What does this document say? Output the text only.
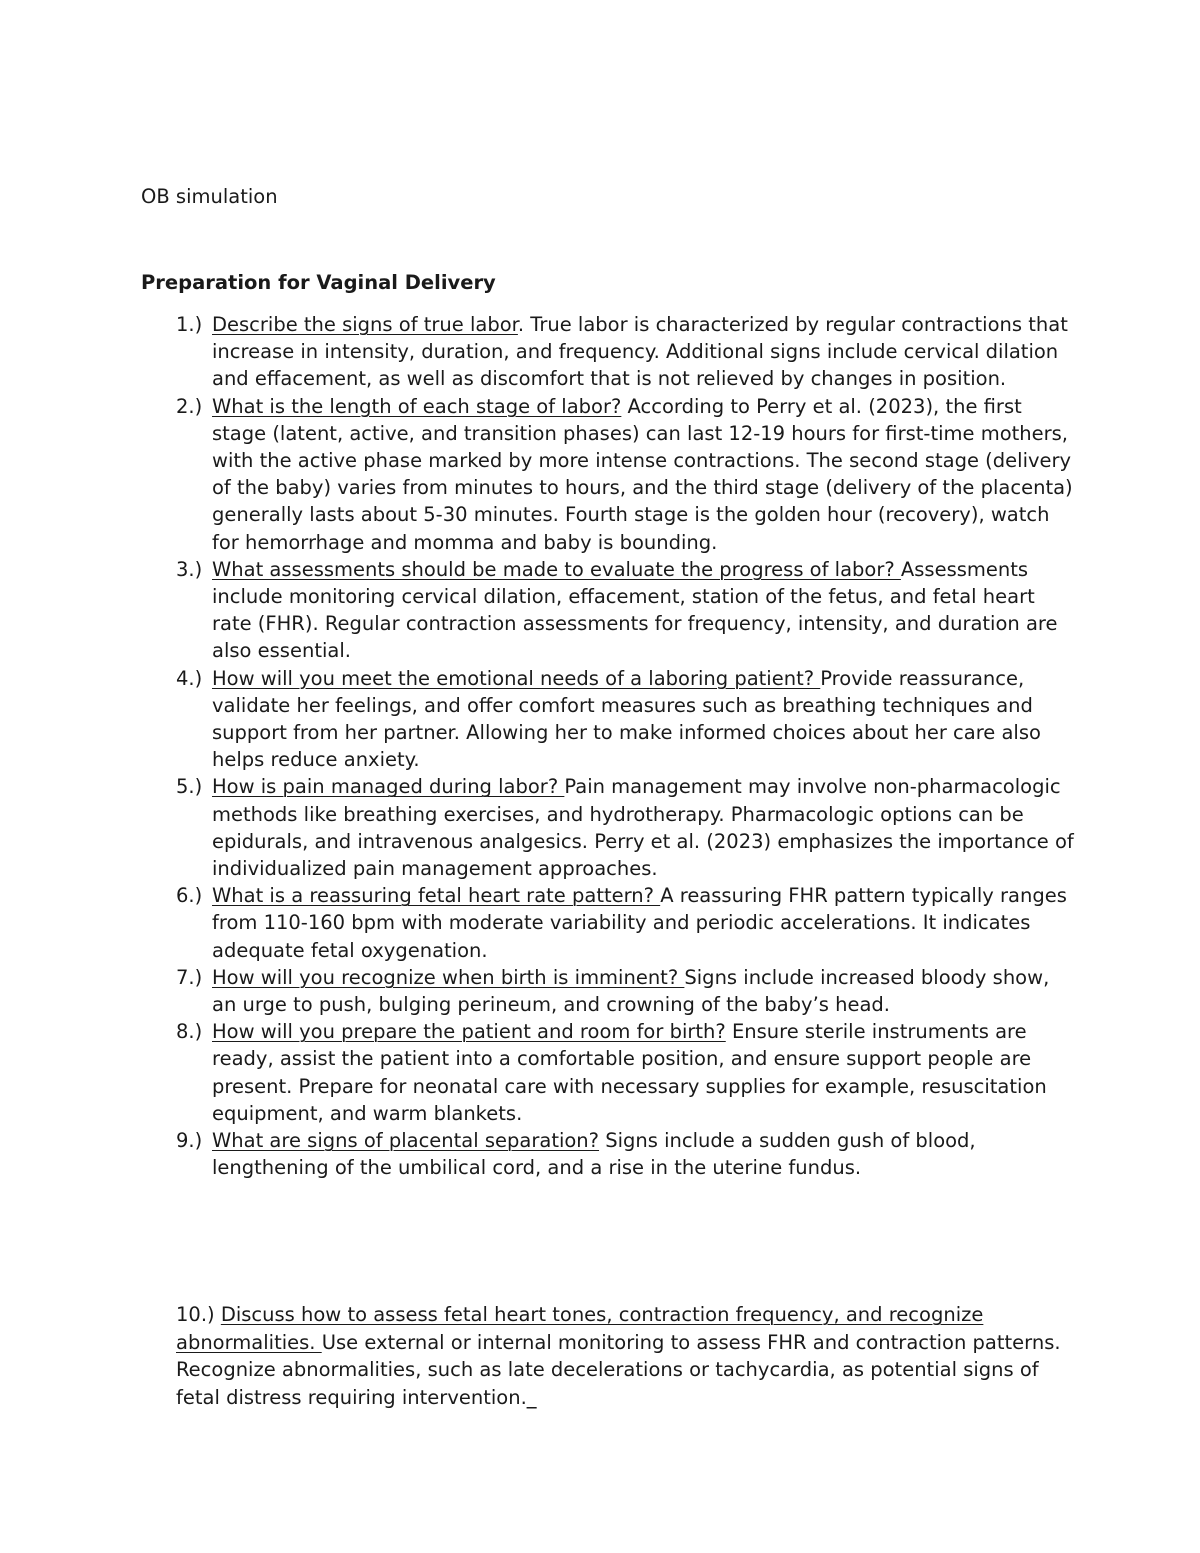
OB simulation
Preparation for Vaginal Delivery
1.) Describe the signs of true labor. True labor is characterized by regular contractions that increase in intensity, duration, and frequency. Additional signs include cervical dilation and effacement, as well as discomfort that is not relieved by changes in position.
2.) What is the length of each stage of labor? According to Perry et al. (2023), the first stage (latent, active, and transition phases) can last 12-19 hours for first-time mothers, with the active phase marked by more intense contractions. The second stage (delivery of the baby) varies from minutes to hours, and the third stage (delivery of the placenta) generally lasts about 5-30 minutes. Fourth stage is the golden hour (recovery), watch for hemorrhage and momma and baby is bounding.
3.) What assessments should be made to evaluate the progress of labor? Assessments include monitoring cervical dilation, effacement, station of the fetus, and fetal heart rate (FHR). Regular contraction assessments for frequency, intensity, and duration are also essential.
4.) How will you meet the emotional needs of a laboring patient? Provide reassurance, validate her feelings, and offer comfort measures such as breathing techniques and support from her partner. Allowing her to make informed choices about her care also helps reduce anxiety.
5.) How is pain managed during labor? Pain management may involve non-pharmacologic methods like breathing exercises, and hydrotherapy. Pharmacologic options can be epidurals, and intravenous analgesics. Perry et al. (2023) emphasizes the importance of individualized pain management approaches.
6.) What is a reassuring fetal heart rate pattern? A reassuring FHR pattern typically ranges from 110-160 bpm with moderate variability and periodic accelerations. It indicates adequate fetal oxygenation.
7.) How will you recognize when birth is imminent? Signs include increased bloody show, an urge to push, bulging perineum, and crowning of the baby’s head.
8.) How will you prepare the patient and room for birth? Ensure sterile instruments are ready, assist the patient into a comfortable position, and ensure support people are present. Prepare for neonatal care with necessary supplies for example, resuscitation equipment, and warm blankets.
9.) What are signs of placental separation? Signs include a sudden gush of blood, lengthening of the umbilical cord, and a rise in the uterine fundus.

10.) Discuss how to assess fetal heart tones, contraction frequency, and recognize abnormalities. Use external or internal monitoring to assess FHR and contraction patterns. Recognize abnormalities, such as late decelerations or tachycardia, as potential signs of fetal distress requiring intervention._
